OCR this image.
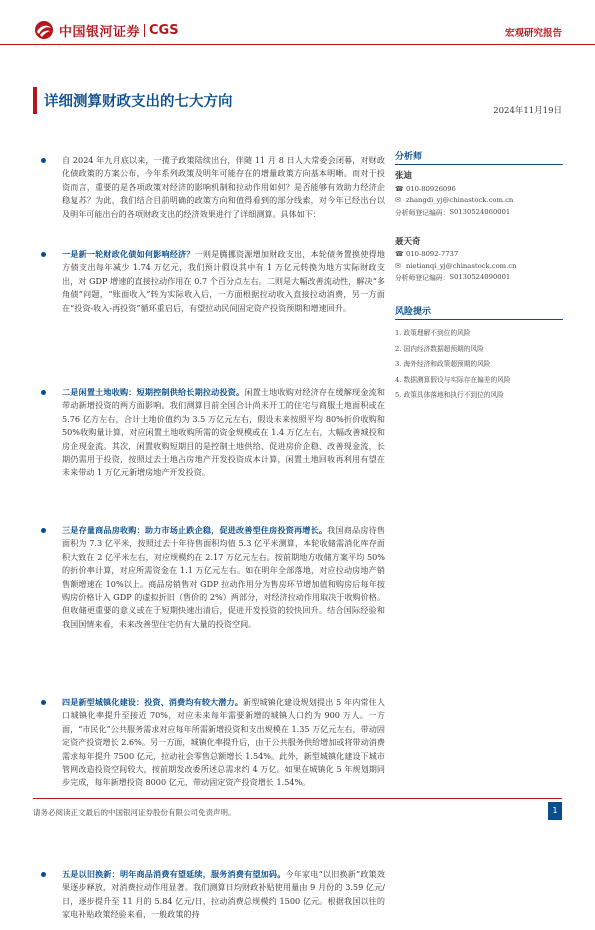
中国银河证券 CGS	宏观研究报告
详细测算财政支出的七大方向
2024年11月19日
自 2024 年九月底以来，一揽子政策陆续出台，伴随 11 月 8 日人大常委会闭幕，对财政化债政策的方案公布，今年系列政策及明年可能存在的增量政策方向基本明晰。而对于投资而言，重要的是各项政策对经济的影响机制和拉动作用如何？是否能够有效助力经济企稳复苏？为此，我们结合目前明确的政策方向和值得看到的部分线索，对今年已经出台以及明年可能出台的各项财政支出的经济效果进行了详细测算。具体如下：
一是新一轮财政化债如何影响经济？一则是腾挪资源增加财政支出，本轮债务置换使得地方债支出每年减少 1.74 万亿元，我们预计假设其中有 1 万亿元转换为地方实际财政支出，对 GDP 增速的直接拉动作用在 0.7 个百分点左右。二则是大幅改善流动性，解决“多角债”问题，“账面收入”转为实际收入后，一方面根据拉动收入直接拉动消费，另一方面在“投资-收入-再投资”循环重启后，有望拉动民间固定资产投资预期和增速回升。
二是闲置土地收购：短期控制供给长期拉动投资。闲置土地收购对经济存在缓解现金流和带动新增投资的两方面影响。我们测算目前全国合计尚未开工的住宅与商服土地面积或在 5.76 亿方左右，合计土地价值约为 3.5 万亿元左右，假设未来按照平均 80%折价收购和 50%收购量计算，对应闲置土地收购所需的资金规模或在 1.4 万亿左右，大幅改善城投和房企现金流。其次，闲置收购短期目的是控制土地供给、促进房价企稳、改善现金流，长期仍需用于投资，按照过去土地占房地产开发投资成本计算，闲置土地回收再利用有望在未来带动 1 万亿元新增房地产开发投资。
三是存量商品房收购：助力市场止跌企稳，促进改善型住房投资再增长。我国商品房待售面积为 7.3 亿平米，按照过去十年待售面积均值 5.3 亿平米测算，本轮收储需消化库存面积大致在 2 亿平米左右，对应规模约在 2.17 万亿元左右。按前期地方收储方案平均 50%的折价率计算，对应所需资金在 1.1 万亿元左右。如在明年全部落地，对应拉动房地产销售额增速在 10%以上。商品房销售对 GDP 拉动作用分为售房环节增加值和购房后每年按购房价格计入 GDP 的虚拟折旧（售价的 2%）两部分，对经济拉动作用取决于收购价格。但收储更重要的意义或在于短期快速出清后，促进开发投资的较快回升。结合国际经验和我国国情来看，未来改善型住宅仍有大量的投资空间。
四是新型城镇化建设：投资、消费均有较大潜力。新型城镇化建设规划提出 5 年内常住人口城镇化率提升至接近 70%，对应未来每年需要新增的城镇人口约为 900 万人。一方面，“市民化”公共服务需求对应每年所需新增投资和支出规模在 1.35 万亿元左右，带动固定资产投资增长 2.6%。另一方面，城镇化率提升后，由于公共服务供给增加或将带动消费需求每年提升 7500 亿元，拉动社会零售总额增长 1.54%。此外，新型城镇化建设下城市管网改造投资空间较大，按前期发改委所述总需求约 4 万亿。如果在城镇化 5 年规划期同步完成，每年新增投资 8000 亿元，带动固定资产投资增长 1.54%。
五是以旧换新：明年商品消费有望延续，服务消费有望加码。今年家电“以旧换新”政策效果逐步释放，对消费拉动作用显著。我们测算日均财政补贴使用量由 9 月份的 3.59 亿元/日，逐步提升至 11 月的 5.84 亿元/日，拉动消费总规模约 1500 亿元。根据我国以往的家电补贴政策经验来看，一般政策的持
分析师
张迪
☎ 010-80926096
✉ zhangdi_yj@chinastock.com.cn
分析师登记编码： S0130524060001
聂天奇
☎ 010-8092-7737
✉ nietianqi_yj@chinastock.com.cn
分析师登记编码： S0130524090001
风险提示
1. 政策理解不到位的风险
2. 国内经济数据超预期的风险
3. 海外经济和政策超预期的风险
4. 数据测算假设与实际存在偏差的风险
5. 政策具体落地和执行不到位的风险
请务必阅读正文最后的中国银河证券股份有限公司免责声明。	1
